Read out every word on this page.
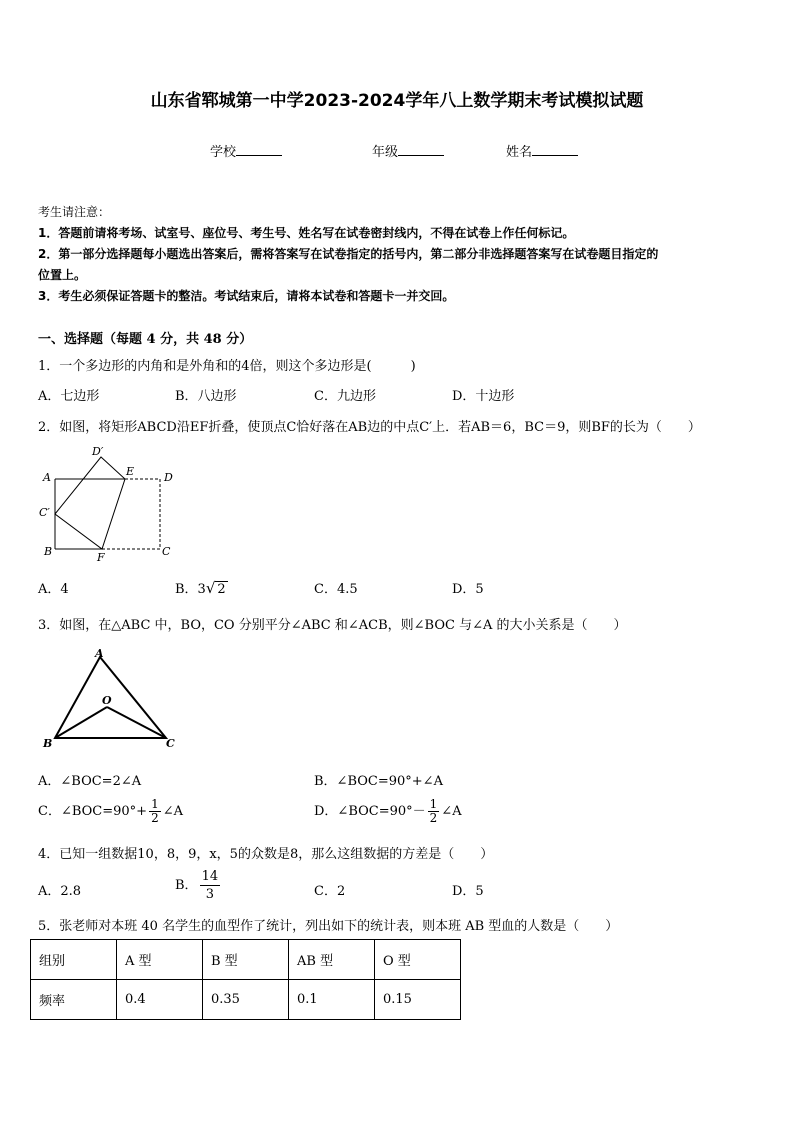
山东省郓城第一中学2023-2024学年八上数学期末考试模拟试题
学校	年级	姓名
考生请注意：
1．答题前请将考场、试室号、座位号、考生号、姓名写在试卷密封线内，不得在试卷上作任何标记。
2．第一部分选择题每小题选出答案后，需将答案写在试卷指定的括号内，第二部分非选择题答案写在试卷题目指定的
位置上。
3．考生必须保证答题卡的整洁。考试结束后，请将本试卷和答题卡一并交回。
一、选择题（每题 4 分，共 48 分）
1．一个多边形的内角和是外角和的4倍，则这个多边形是(　　　)
A．七边形	B．八边形	C．九边形	D．十边形
2．如图，将矩形ABCD沿EF折叠，使顶点C恰好落在AB边的中点C′上．若AB＝6，BC＝9，则BF的长为（　　）
D′
E	D
A
C′
B	F	C
A．4	B．3√ 2	C．4.5	D．5
3．如图，在△ABC 中，BO，CO 分别平分∠ABC 和∠ACB，则∠BOC 与∠A 的大小关系是（　　）
A
O
B	C
A．∠BOC=2∠A	B．∠BOC=90°+∠A
C．∠BOC=90°+ $\frac{1}{2}$ ∠A	D．∠BOC=90°－ $\frac{1}{2}$ ∠A
4．已知一组数据10，8，9，x，5的众数是8，那么这组数据的方差是（　　）
A．2.8	B． $\frac{14}{3}$	C．2	D．5
5．张老师对本班 40 名学生的血型作了统计，列出如下的统计表，则本班 AB 型血的人数是（　　）
组别	A 型	B 型	AB 型	O 型
频率	0.4	0.35	0.1	0.15
